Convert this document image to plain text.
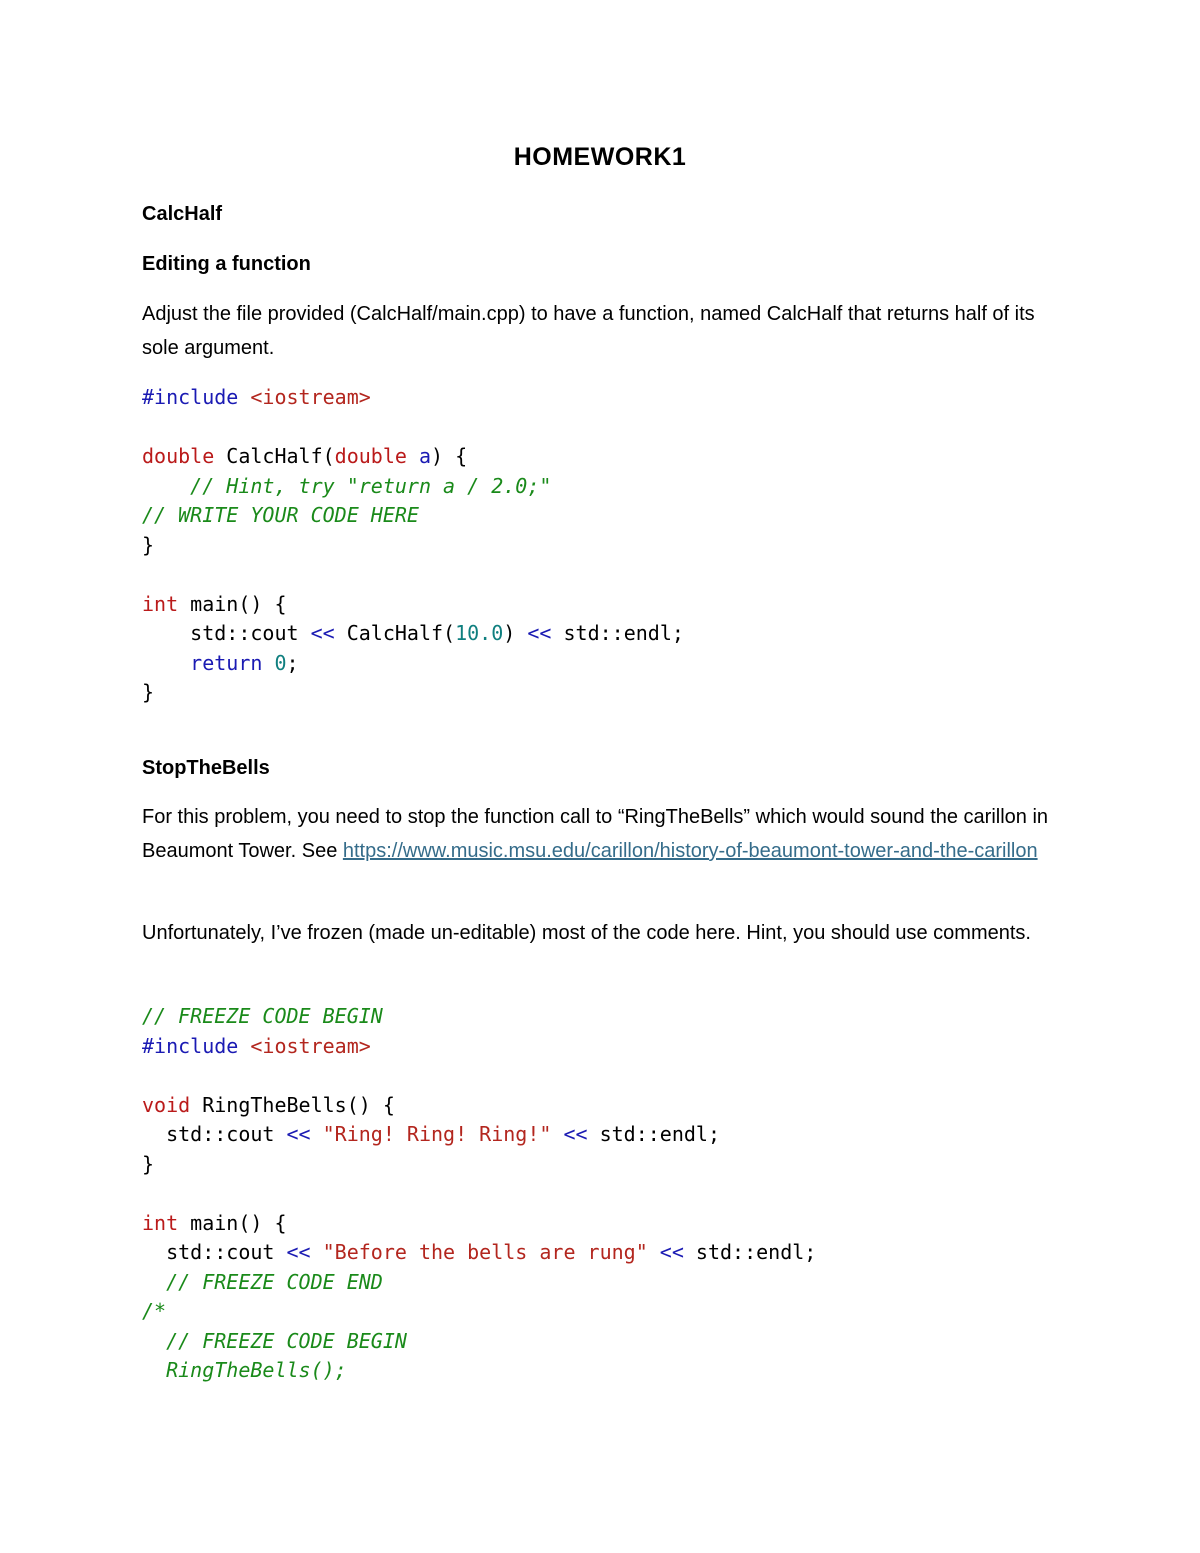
HOMEWORK1
CalcHalf
Editing a function
Adjust the file provided (CalcHalf/main.cpp) to have a function, named CalcHalf that returns half of its sole argument.
#include <iostream>

double CalcHalf(double a) {
// Hint, try "return a / 2.0;"
// WRITE YOUR CODE HERE
}

int main() {
std::cout << CalcHalf(10.0) << std::endl;
return 0;
}
StopTheBells
For this problem, you need to stop the function call to “RingTheBells” which would sound the carillon in Beaumont Tower. See https://www.music.msu.edu/carillon/history-of-beaumont-tower-and-the-carillon
Unfortunately, I’ve frozen (made un-editable) most of the code here. Hint, you should use comments.
// FREEZE CODE BEGIN
#include <iostream>

void RingTheBells() {
std::cout << "Ring! Ring! Ring!" << std::endl;
}

int main() {
std::cout << "Before the bells are rung" << std::endl;
// FREEZE CODE END
/*
// FREEZE CODE BEGIN
RingTheBells();
